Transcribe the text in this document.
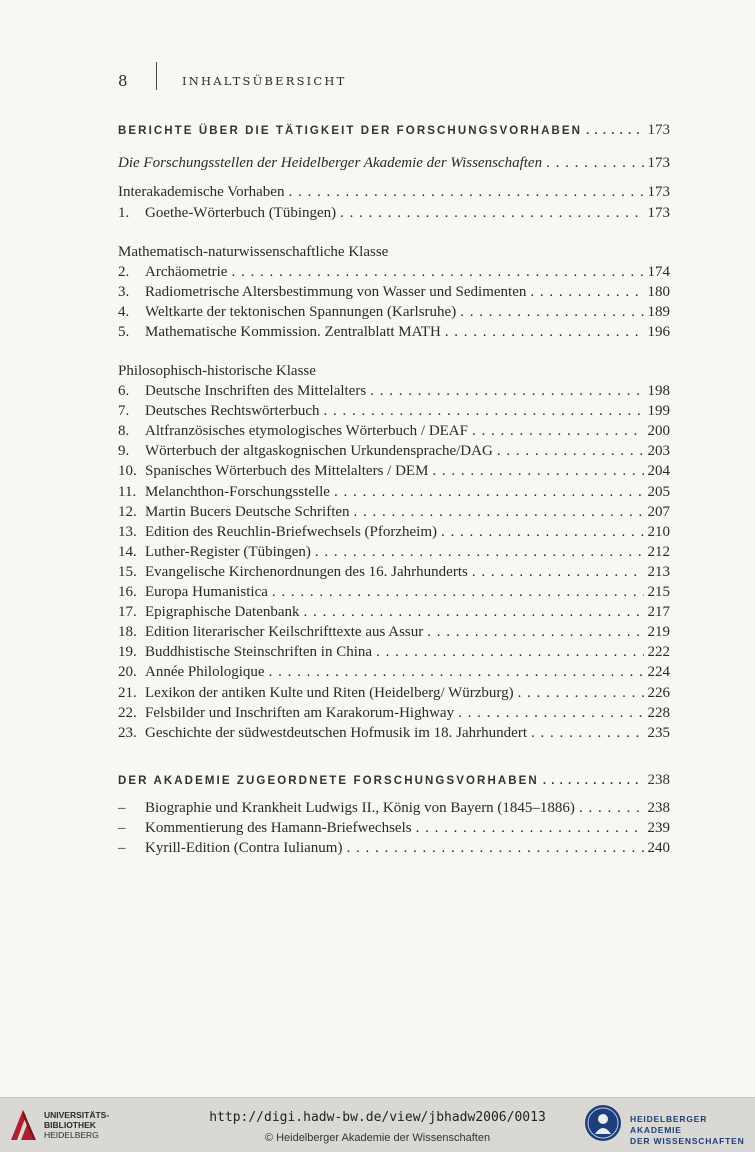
8	INHALTSÜBERSICHT
BERICHTE ÜBER DIE TÄTIGKEIT DER FORSCHUNGSVORHABEN . . .	173
Die Forschungsstellen der Heidelberger Akademie der Wissenschaften . . .	173
Interakademische Vorhaben . . .	173
1. Goethe-Wörterbuch (Tübingen) . . .	173
Mathematisch-naturwissenschaftliche Klasse
2. Archäometrie . . .	174
3. Radiometrische Altersbestimmung von Wasser und Sedimenten . . .	180
4. Weltkarte der tektonischen Spannungen (Karlsruhe) . . .	189
5. Mathematische Kommission. Zentralblatt MATH . . .	196
Philosophisch-historische Klasse
6. Deutsche Inschriften des Mittelalters . . .	198
7. Deutsches Rechtswörterbuch . . .	199
8. Altfranzösisches etymologisches Wörterbuch / DEAF . . .	200
9. Wörterbuch der altgaskognischen Urkundensprache/DAG . . .	203
10. Spanisches Wörterbuch des Mittelalters / DEM . . .	204
11. Melanchthon-Forschungsstelle . . .	205
12. Martin Bucers Deutsche Schriften . . .	207
13. Edition des Reuchlin-Briefwechsels (Pforzheim) . . .	210
14. Luther-Register (Tübingen) . . .	212
15. Evangelische Kirchenordnungen des 16. Jahrhunderts . . .	213
16. Europa Humanistica . . .	215
17. Epigraphische Datenbank . . .	217
18. Edition literarischer Keilschrifttexte aus Assur . . .	219
19. Buddhistische Steinschriften in China . . .	222
20. Année Philologique . . .	224
21. Lexikon der antiken Kulte und Riten (Heidelberg/ Würzburg) . . .	226
22. Felsbilder und Inschriften am Karakorum-Highway . . .	228
23. Geschichte der südwestdeutschen Hofmusik im 18. Jahrhundert . . .	235
DER AKADEMIE ZUGEORDNETE FORSCHUNGSVORHABEN . . .	238
– Biographie und Krankheit Ludwigs II., König von Bayern (1845–1886) . . .	238
– Kommentierung des Hamann-Briefwechsels . . .	239
– Kyrill-Edition (Contra Iulianum) . . .	240
UNIVERSITÄTS-
BIBLIOTHEK
HEIDELBERG
http://digi.hadw-bw.de/view/jbhadw2006/0013
© Heidelberger Akademie der Wissenschaften
HEIDELBERGER AKADEMIE
DER WISSENSCHAFTEN
